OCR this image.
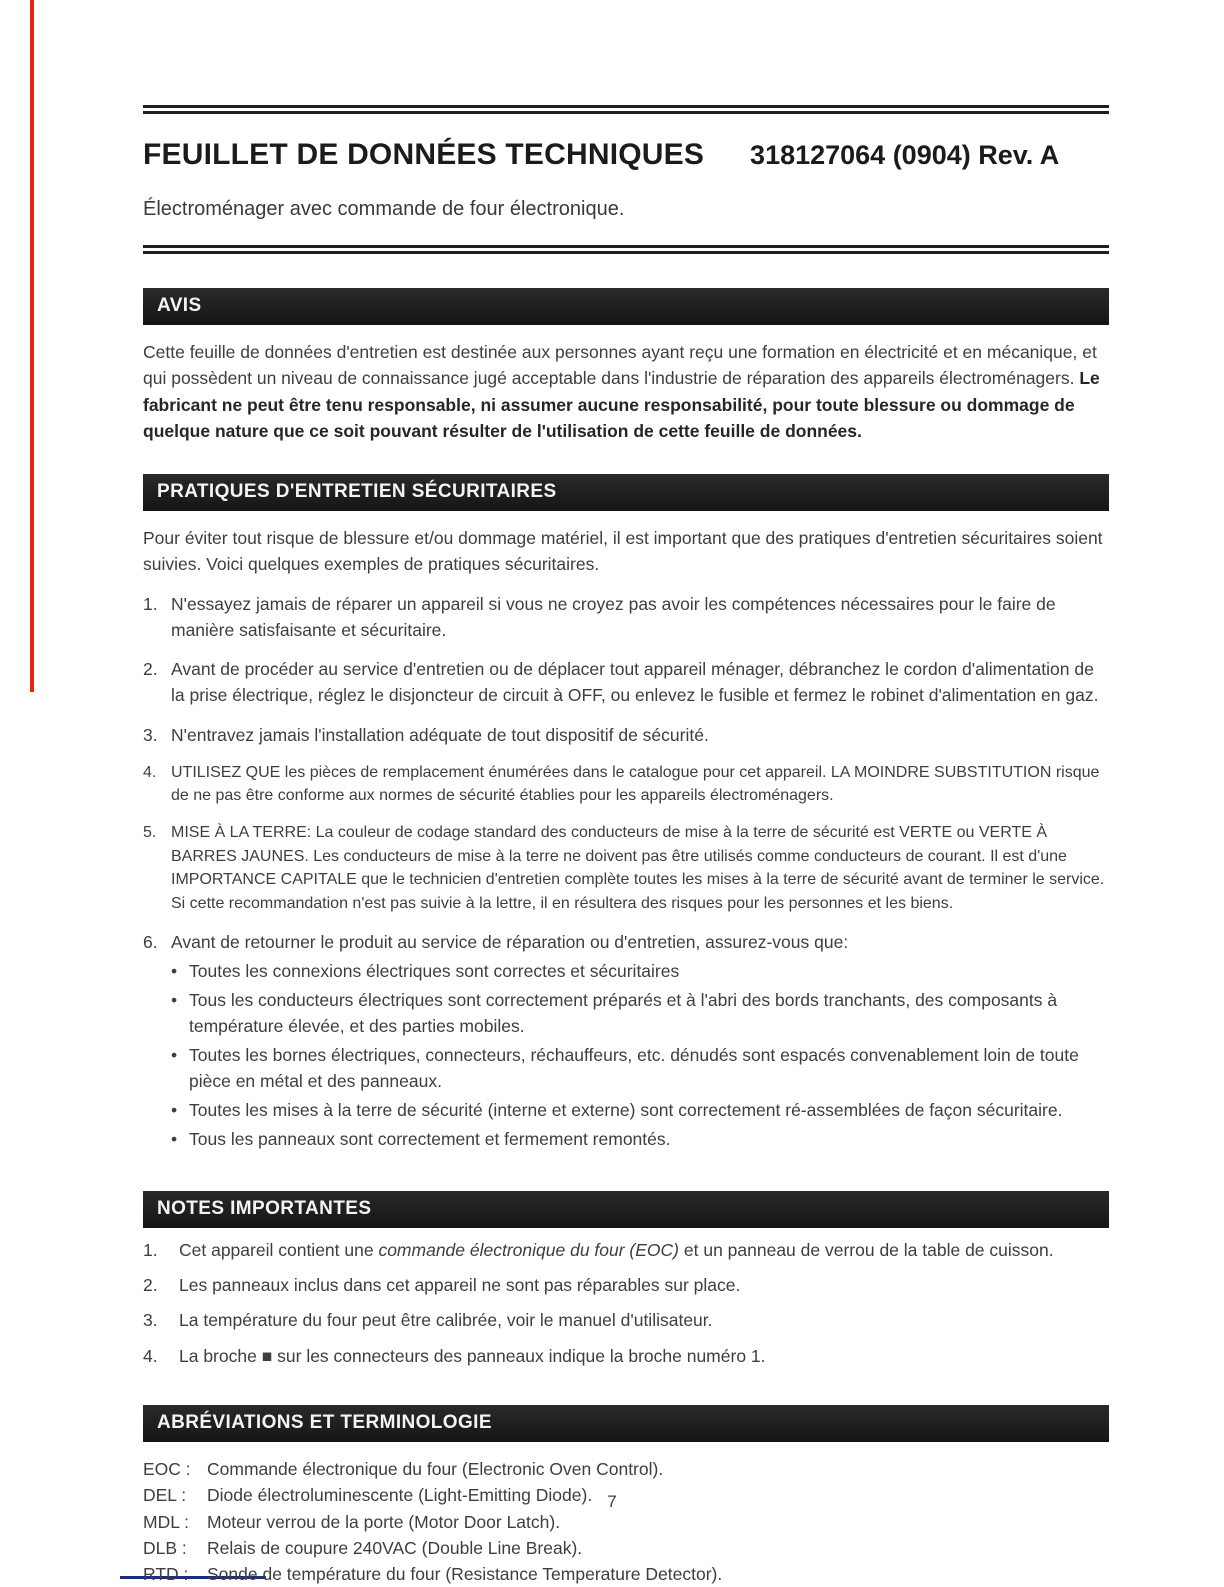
FEUILLET DE DONNÉES TECHNIQUES 318127064 (0904) Rev. A
Électroménager avec commande de four électronique.
AVIS

Cette feuille de données d'entretien est destinée aux personnes ayant reçu une formation en électricité et en mécanique, et qui possèdent un niveau de connaissance jugé acceptable dans l'industrie de réparation des appareils électroménagers. Le fabricant ne peut être tenu responsable, ni assumer aucune responsabilité, pour toute blessure ou dommage de quelque nature que ce soit pouvant résulter de l'utilisation de cette feuille de données.

PRATIQUES D'ENTRETIEN SÉCURITAIRES

Pour éviter tout risque de blessure et/ou dommage matériel, il est important que des pratiques d'entretien sécuritaires soient suivies. Voici quelques exemples de pratiques sécuritaires.

1. N'essayez jamais de réparer un appareil si vous ne croyez pas avoir les compétences nécessaires pour le faire de manière satisfaisante et sécuritaire.
2. Avant de procéder au service d'entretien ou de déplacer tout appareil ménager, débranchez le cordon d'alimentation de la prise électrique, réglez le disjoncteur de circuit à OFF, ou enlevez le fusible et fermez le robinet d'alimentation en gaz.
3. N'entravez jamais l'installation adéquate de tout dispositif de sécurité.
4. UTILISEZ QUE les pièces de remplacement énumérées dans le catalogue pour cet appareil. LA MOINDRE SUBSTITUTION risque de ne pas être conforme aux normes de sécurité établies pour les appareils électroménagers.
5. MISE À LA TERRE: La couleur de codage standard des conducteurs de mise à la terre de sécurité est VERTE ou VERTE À BARRES JAUNES. Les conducteurs de mise à la terre ne doivent pas être utilisés comme conducteurs de courant. Il est d'une IMPORTANCE CAPITALE que le technicien d'entretien complète toutes les mises à la terre de sécurité avant de terminer le service. Si cette recommandation n'est pas suivie à la lettre, il en résultera des risques pour les personnes et les biens.
6. Avant de retourner le produit au service de réparation ou d'entretien, assurez-vous que:
• Toutes les connexions électriques sont correctes et sécuritaires
• Tous les conducteurs électriques sont correctement préparés et à l'abri des bords tranchants, des composants à température élevée, et des parties mobiles.
• Toutes les bornes électriques, connecteurs, réchauffeurs, etc. dénudés sont espacés convenablement loin de toute pièce en métal et des panneaux.
• Toutes les mises à la terre de sécurité (interne et externe) sont correctement ré-assemblées de façon sécuritaire.
• Tous les panneaux sont correctement et fermement remontés.
NOTES IMPORTANTES
1.	Cet appareil contient une commande électronique du four (EOC) et un panneau de verrou de la table de cuisson.
2.	Les panneaux inclus dans cet appareil ne sont pas réparables sur place.
3.	La température du four peut être calibrée, voir le manuel d'utilisateur.
4.	La broche ■ sur les connecteurs des panneaux indique la broche numéro 1.
ABRÉVIATIONS ET TERMINOLOGIE
EOC : Commande électronique du four (Electronic Oven Control).
DEL :	Diode électroluminescente (Light-Emitting Diode).
MDL :	Moteur verrou de la porte (Motor Door Latch).
DLB :	Relais de coupure 240VAC (Double Line Break).
RTD :	Sonde de température du four (Resistance Temperature Detector).
7
